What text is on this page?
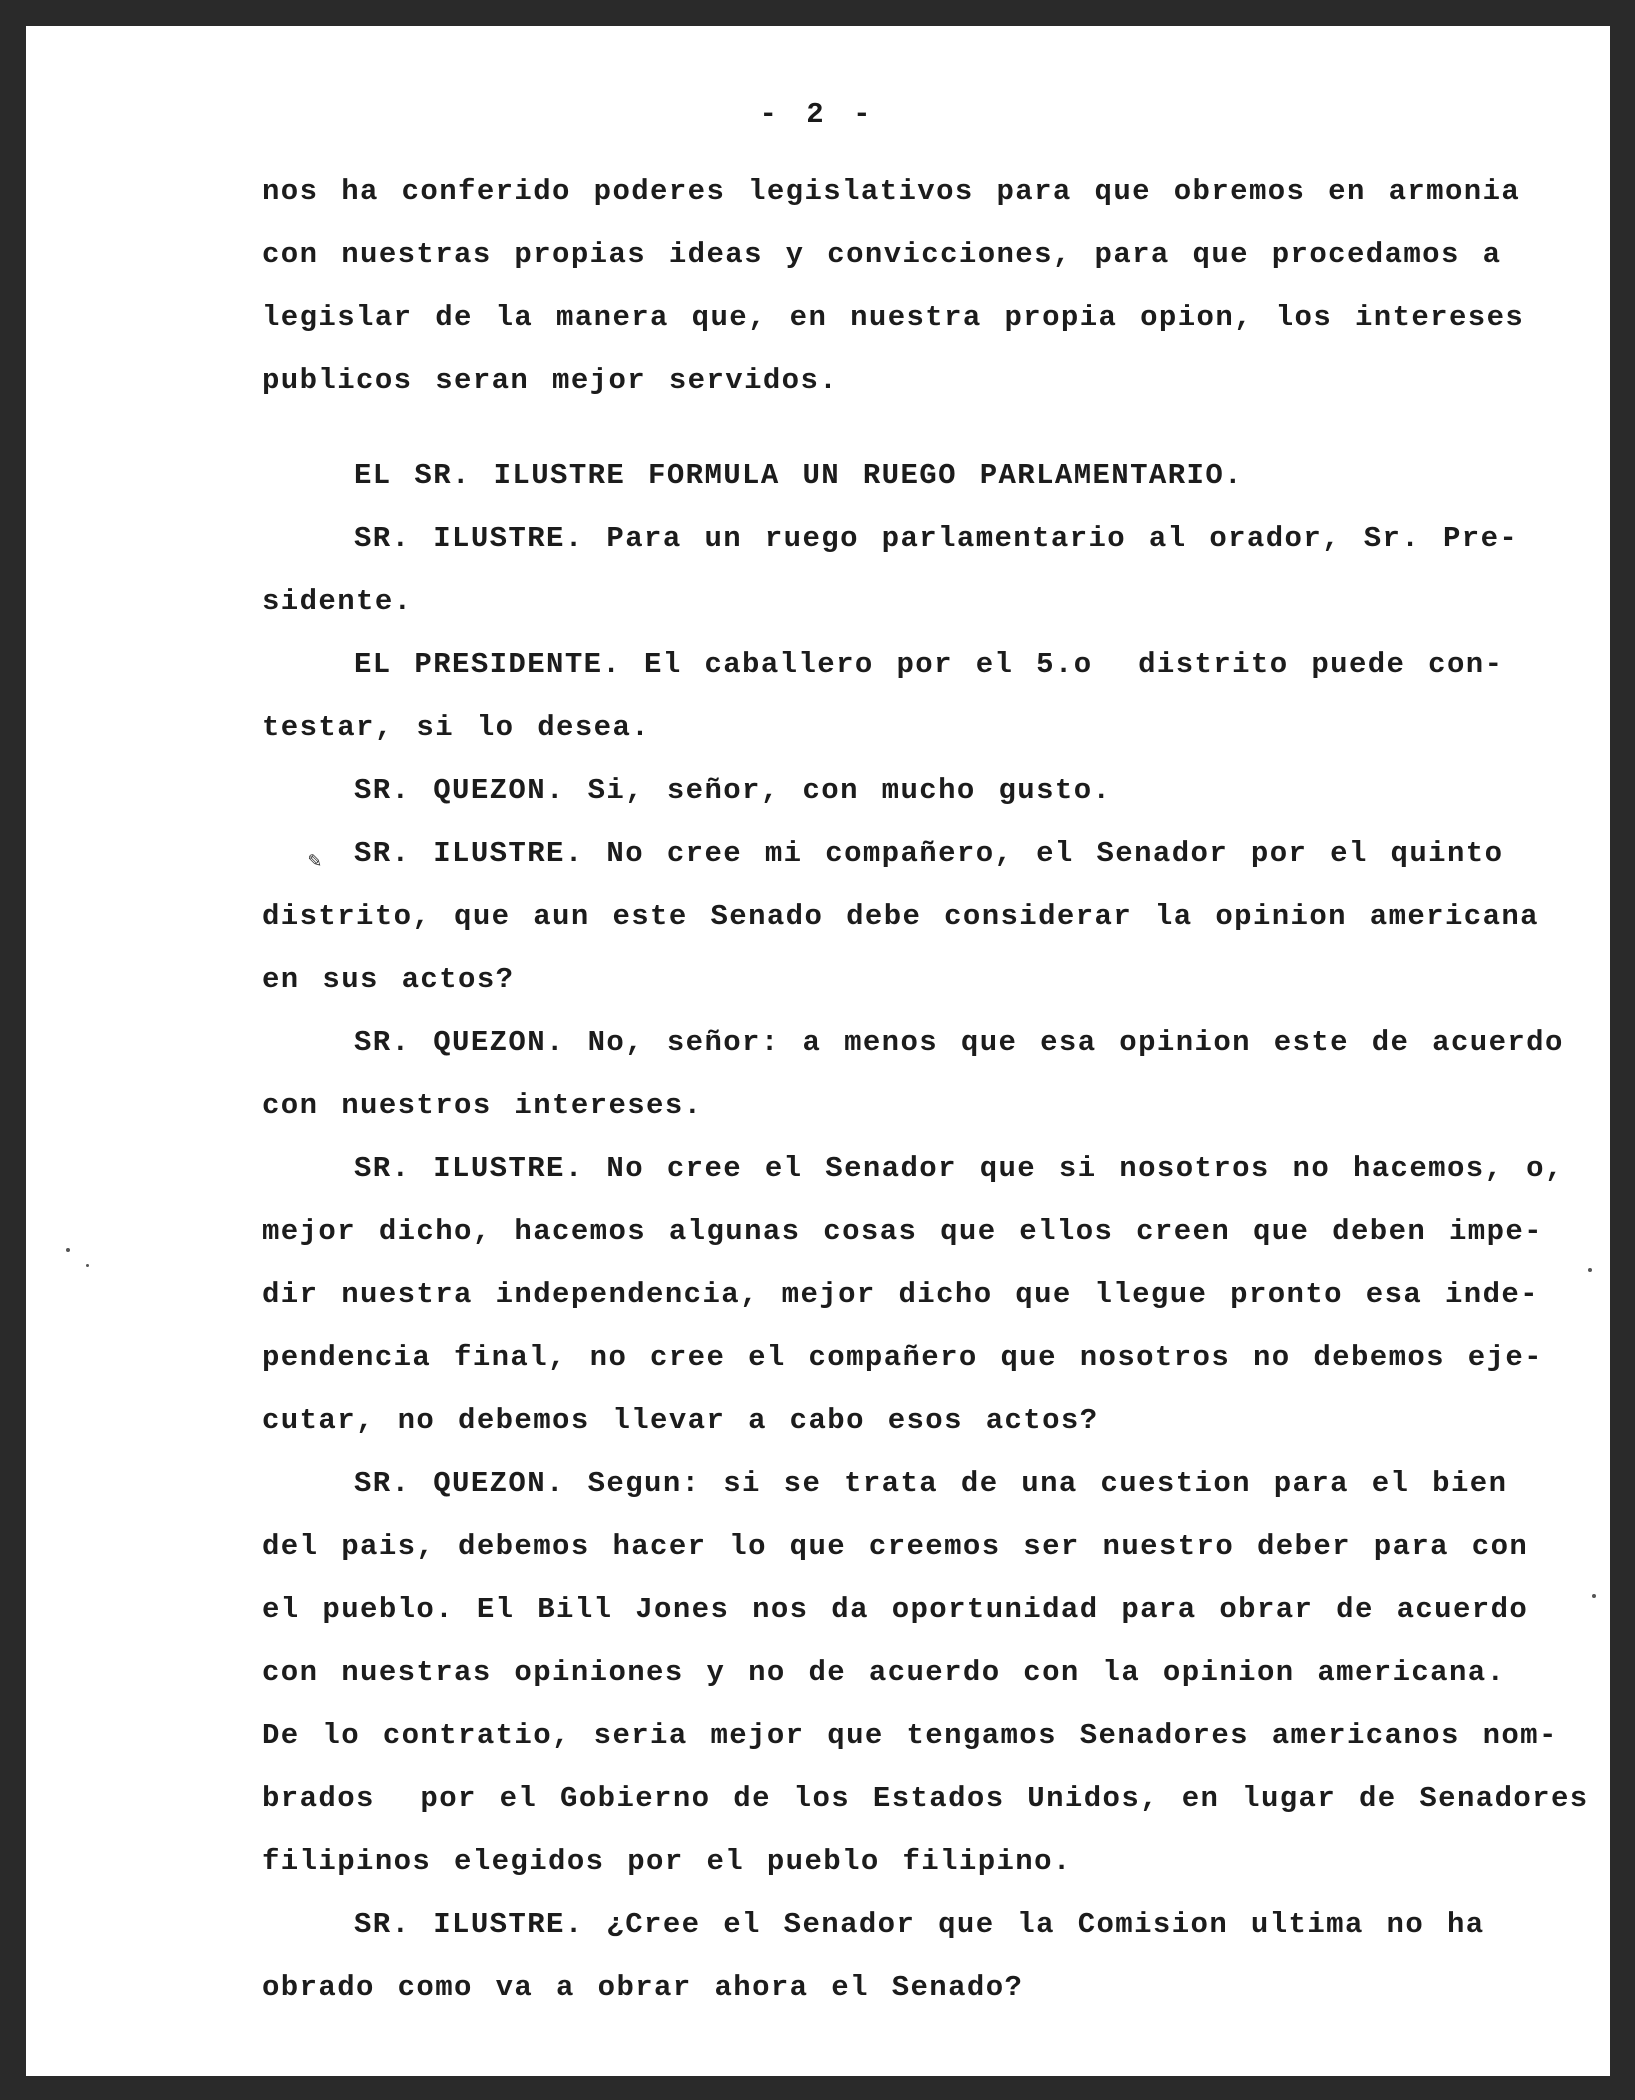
- 2 -
nos ha conferido poderes legislativos para que obremos en armonia
con nuestras propias ideas y convicciones, para que procedamos a
legislar de la manera que, en nuestra propia opion, los intereses
publicos seran mejor servidos.
EL SR. ILUSTRE FORMULA UN RUEGO PARLAMENTARIO.
SR. ILUSTRE. Para un ruego parlamentario al orador, Sr. Pre-
sidente.
EL PRESIDENTE. El caballero por el 5.o  distrito puede con-
testar, si lo desea.
SR. QUEZON. Si, señor, con mucho gusto.
SR. ILUSTRE. No cree mi compañero, el Senador por el quinto
distrito, que aun este Senado debe considerar la opinion americana
en sus actos?
SR. QUEZON. No, señor: a menos que esa opinion este de acuerdo
con nuestros intereses.
SR. ILUSTRE. No cree el Senador que si nosotros no hacemos, o,
mejor dicho, hacemos algunas cosas que ellos creen que deben impe-
dir nuestra independencia, mejor dicho que llegue pronto esa inde-
pendencia final, no cree el compañero que nosotros no debemos eje-
cutar, no debemos llevar a cabo esos actos?
SR. QUEZON. Segun: si se trata de una cuestion para el bien
del pais, debemos hacer lo que creemos ser nuestro deber para con
el pueblo. El Bill Jones nos da oportunidad para obrar de acuerdo
con nuestras opiniones y no de acuerdo con la opinion americana.
De lo contratio, seria mejor que tengamos Senadores americanos nom-
brados  por el Gobierno de los Estados Unidos, en lugar de Senadores
filipinos elegidos por el pueblo filipino.
SR. ILUSTRE. ¿Cree el Senador que la Comision ultima no ha
obrado como va a obrar ahora el Senado?
✎
